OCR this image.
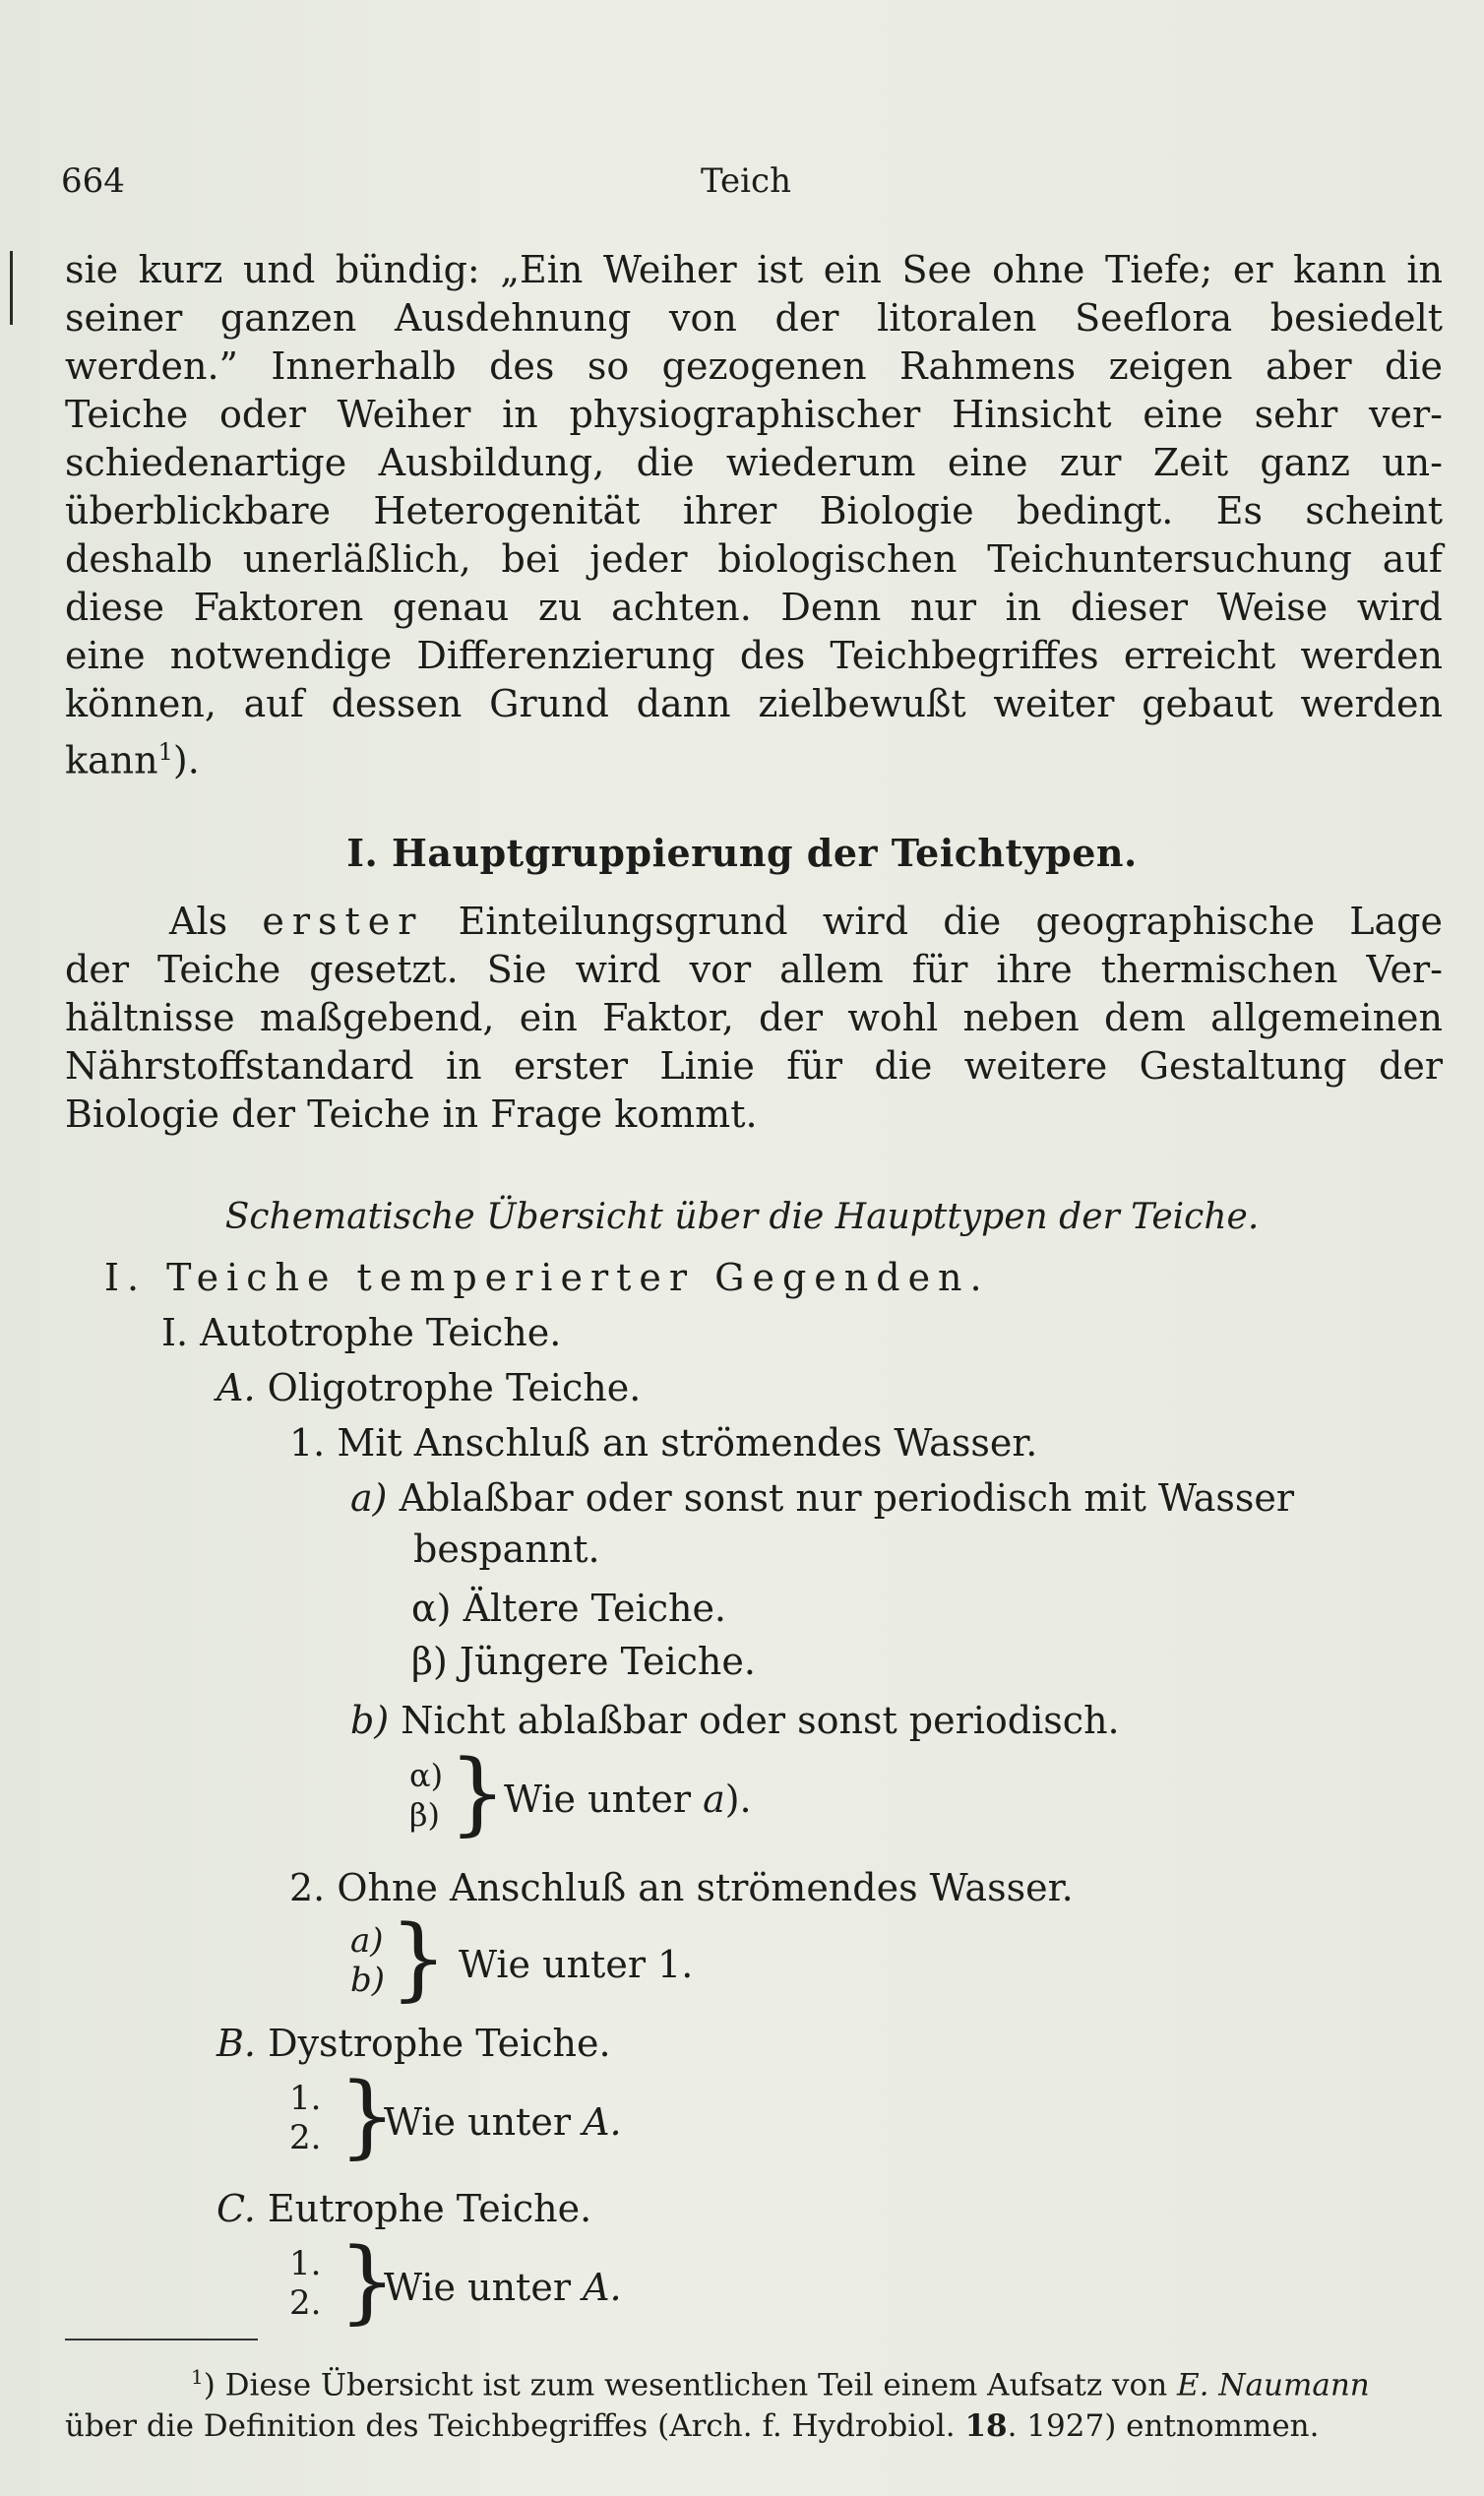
664	Teich
sie kurz und bündig: „Ein Weiher ist ein See ohne Tiefe; er kann in
seiner ganzen Ausdehnung von der litoralen Seeflora besiedelt
werden.” Innerhalb des so gezogenen Rahmens zeigen aber die
Teiche oder Weiher in physiographischer Hinsicht eine sehr ver-
schiedenartige Ausbildung, die wiederum eine zur Zeit ganz un-
überblickbare Heterogenität ihrer Biologie bedingt. Es scheint
deshalb unerläßlich, bei jeder biologischen Teichuntersuchung auf
diese Faktoren genau zu achten. Denn nur in dieser Weise wird
eine notwendige Differenzierung des Teichbegriffes erreicht werden
können, auf dessen Grund dann zielbewußt weiter gebaut werden
kann$^1$).
I. Hauptgruppierung der Teichtypen.
Als erster Einteilungsgrund wird die geographische Lage
der Teiche gesetzt. Sie wird vor allem für ihre thermischen Ver-
hältnisse maßgebend, ein Faktor, der wohl neben dem allgemeinen
Nährstoffstandard in erster Linie für die weitere Gestaltung der
Biologie der Teiche in Frage kommt.
Schematische Übersicht über die Haupttypen der Teiche.
I. Teiche temperierter Gegenden.
I. Autotrophe Teiche.
A. Oligotrophe Teiche.
1. Mit Anschluß an strömendes Wasser.
a) Ablaßbar oder sonst nur periodisch mit Wasser
bespannt.
α) Ältere Teiche.
β) Jüngere Teiche.
b) Nicht ablaßbar oder sonst periodisch.
α)
β) }
Wie unter a).
2. Ohne Anschluß an strömendes Wasser.
a)
b) } Wie unter 1.
B. Dystrophe Teiche.
1.
2. }
Wie unter A.
C. Eutrophe Teiche.
1.
2. }
Wie unter A.
$^1$) Diese Übersicht ist zum wesentlichen Teil einem Aufsatz von E. Naumann
über die Definition des Teichbegriffes (Arch. f. Hydrobiol. 18. 1927) entnommen.
